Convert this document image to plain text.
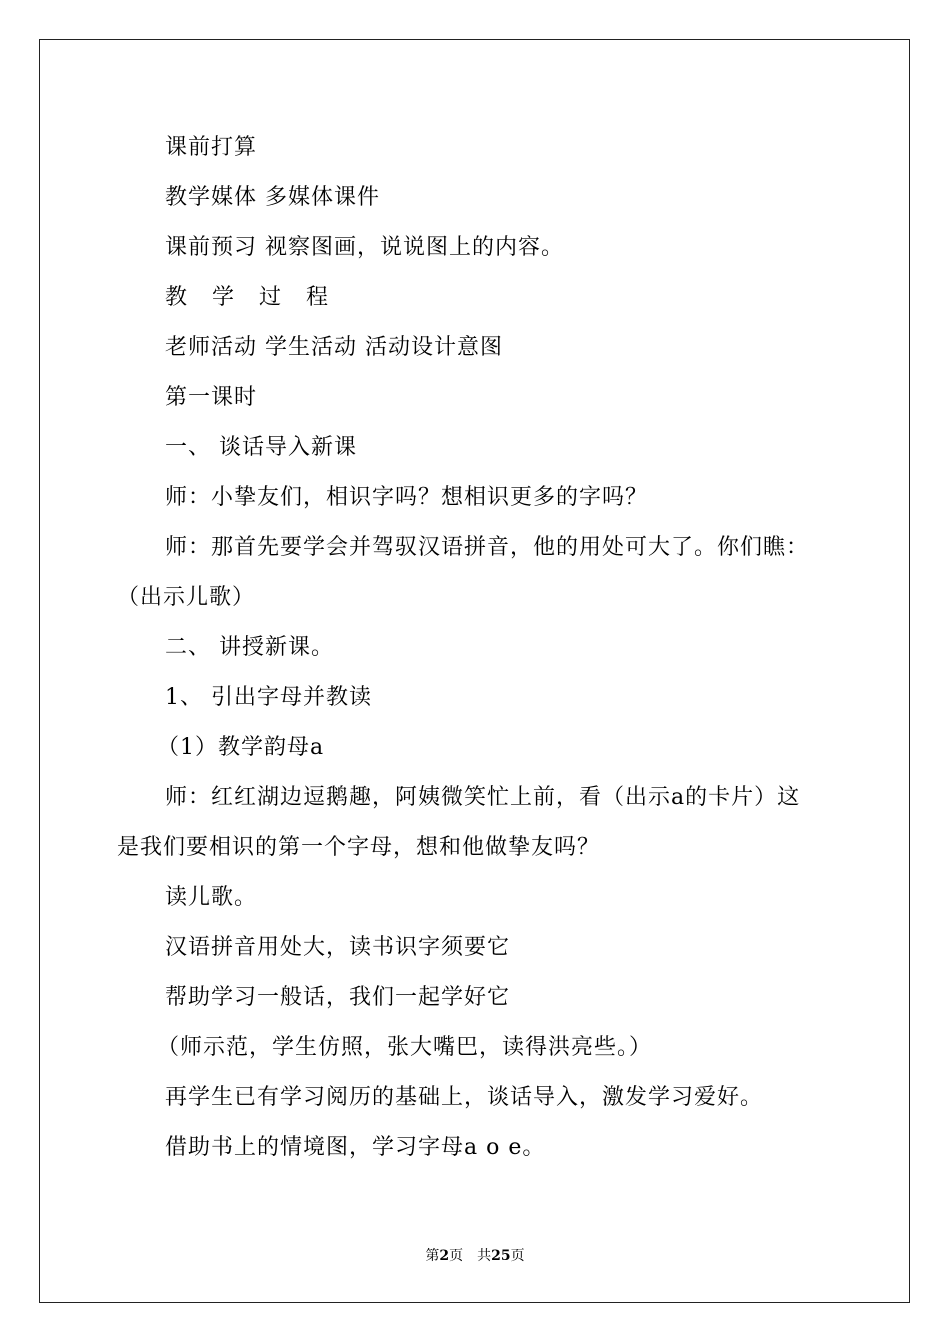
课前打算
教学媒体 多媒体课件
课前预习 视察图画，说说图上的内容。
教 学 过 程
老师活动 学生活动 活动设计意图
第一课时
一、 谈话导入新课
师：小挚友们，相识字吗？想相识更多的字吗？
师：那首先要学会并驾驭汉语拼音，他的用处可大了。你们瞧：
（出示儿歌）
二、 讲授新课。
1、 引出字母并教读
（1）教学韵母a
师：红红湖边逗鹅趣，阿姨微笑忙上前，看（出示a的卡片）这
是我们要相识的第一个字母，想和他做挚友吗？
读儿歌。
汉语拼音用处大，读书识字须要它
帮助学习一般话，我们一起学好它
（师示范，学生仿照，张大嘴巴，读得洪亮些。）
再学生已有学习阅历的基础上，谈话导入，激发学习爱好。
借助书上的情境图，学习字母a o e。
第2页 共25页
